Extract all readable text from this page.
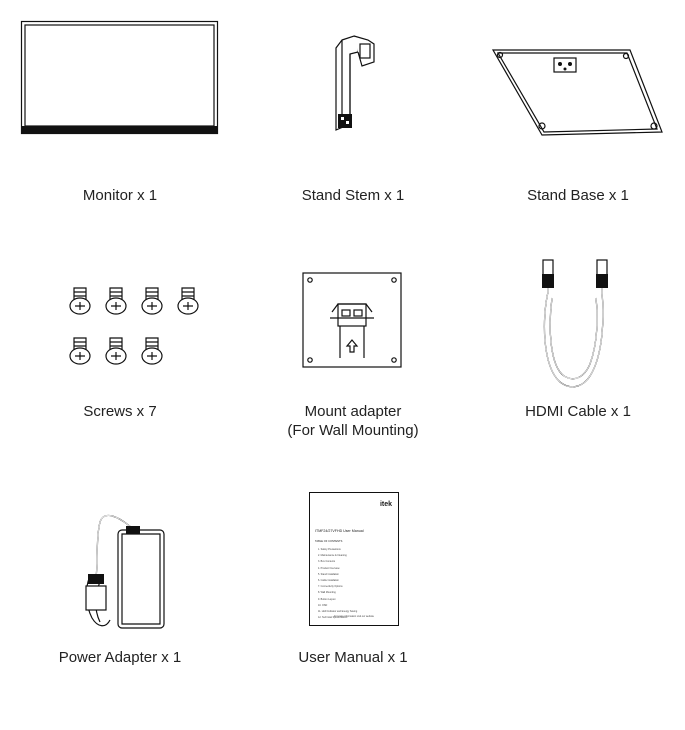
Monitor x 1	Stand Stem x 1	Stand Base x 1
Screws x 7	Mount adapter
(For Wall Mounting)
HDMI Cable x 1
Power Adapter x 1
itek
ITMF24/27VFHD User Manual
TABLE OF CONTENTS
1. Safety Precautions
2. Maintenance & Cleaning
3. Box Contents
4. Product Overview
5. Stand Installation
6. Cable Installation
7. Connectivity Options
8. Wall Mounting
9. Button Layout
10. OSD
11. LED Indicator and Energy Saving
12. Technical Specifications
For more information visit our website
User Manual x 1
